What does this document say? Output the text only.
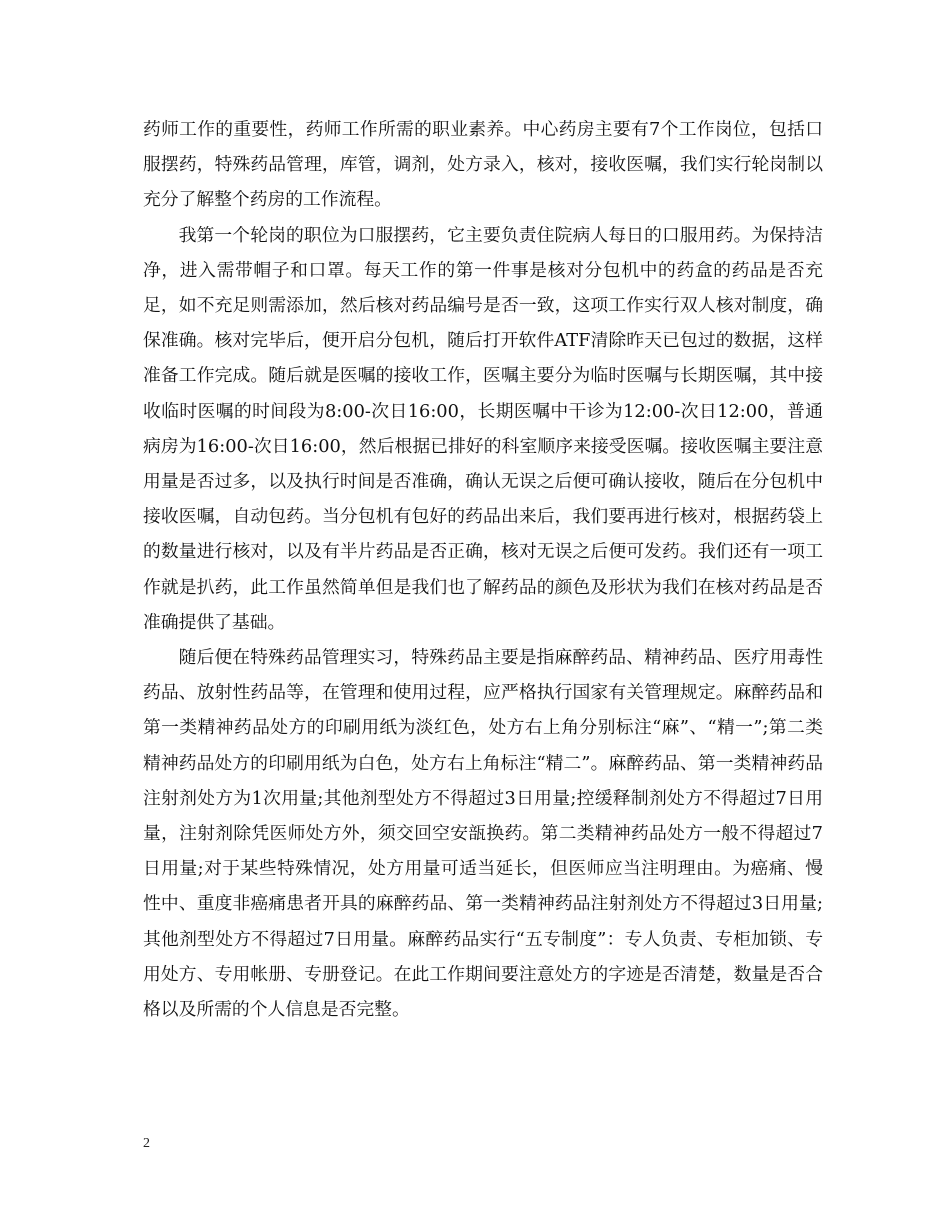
药师工作的重要性，药师工作所需的职业素养。中心药房主要有7个工作岗位，包括口服摆药，特殊药品管理，库管，调剂，处方录入，核对，接收医嘱，我们实行轮岗制以充分了解整个药房的工作流程。

我第一个轮岗的职位为口服摆药，它主要负责住院病人每日的口服用药。为保持洁净，进入需带帽子和口罩。每天工作的第一件事是核对分包机中的药盒的药品是否充足，如不充足则需添加，然后核对药品编号是否一致，这项工作实行双人核对制度，确保准确。核对完毕后，便开启分包机，随后打开软件ATF清除昨天已包过的数据，这样准备工作完成。随后就是医嘱的接收工作，医嘱主要分为临时医嘱与长期医嘱，其中接收临时医嘱的时间段为8:00-次日16:00，长期医嘱中干诊为12:00-次日12:00，普通病房为16:00-次日16:00，然后根据已排好的科室顺序来接受医嘱。接收医嘱主要注意用量是否过多，以及执行时间是否准确，确认无误之后便可确认接收，随后在分包机中接收医嘱，自动包药。当分包机有包好的药品出来后，我们要再进行核对，根据药袋上的数量进行核对，以及有半片药品是否正确，核对无误之后便可发药。我们还有一项工作就是扒药，此工作虽然简单但是我们也了解药品的颜色及形状为我们在核对药品是否准确提供了基础。

随后便在特殊药品管理实习，特殊药品主要是指麻醉药品、精神药品、医疗用毒性药品、放射性药品等，在管理和使用过程，应严格执行国家有关管理规定。麻醉药品和第一类精神药品处方的印刷用纸为淡红色，处方右上角分别标注“麻”、“精一”;第二类精神药品处方的印刷用纸为白色，处方右上角标注“精二”。麻醉药品、第一类精神药品注射剂处方为1次用量;其他剂型处方不得超过3日用量;控缓释制剂处方不得超过7日用量，注射剂除凭医师处方外，须交回空安瓿换药。第二类精神药品处方一般不得超过7日用量;对于某些特殊情况，处方用量可适当延长，但医师应当注明理由。为癌痛、慢性中、重度非癌痛患者开具的麻醉药品、第一类精神药品注射剂处方不得超过3日用量;其他剂型处方不得超过7日用量。麻醉药品实行“五专制度”：专人负责、专柜加锁、专用处方、专用帐册、专册登记。在此工作期间要注意处方的字迹是否清楚，数量是否合格以及所需的个人信息是否完整。

2
